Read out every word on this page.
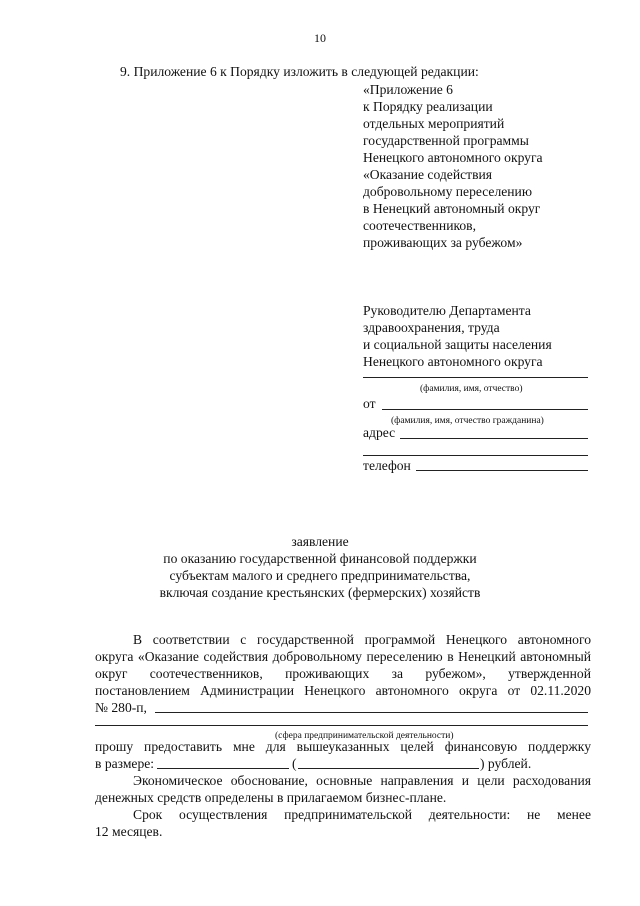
10
9. Приложение 6 к Порядку изложить в следующей редакции:
«Приложение 6
к Порядку реализации
отдельных мероприятий
государственной программы
Ненецкого автономного округа
«Оказание содействия
добровольному переселению
в Ненецкий автономный округ
соотечественников,
проживающих за рубежом»
Руководителю Департамента
здравоохранения, труда
и социальной защиты населения
Ненецкого автономного округа
(фамилия, имя, отчество)
от
(фамилия, имя, отчество гражданина)
адрес
телефон
заявление
по оказанию государственной финансовой поддержки
субъектам малого и среднего предпринимательства,
включая создание крестьянских (фермерских) хозяйств
В соответствии с государственной программой Ненецкого автономного
округа «Оказание содействия добровольному переселению в Ненецкий автономный
округ соотечественников, проживающих за рубежом», утвержденной
постановлением Администрации Ненецкого автономного округа от 02.11.2020
№ 280-п,
(сфера предпринимательской деятельности)
прошу предоставить мне для вышеуказанных целей финансовую поддержку
в размере:	(	) рублей.
Экономическое обоснование, основные направления и цели расходования
денежных средств определены в прилагаемом бизнес-плане.
Срок осуществления предпринимательской деятельности: не менее
12 месяцев.
